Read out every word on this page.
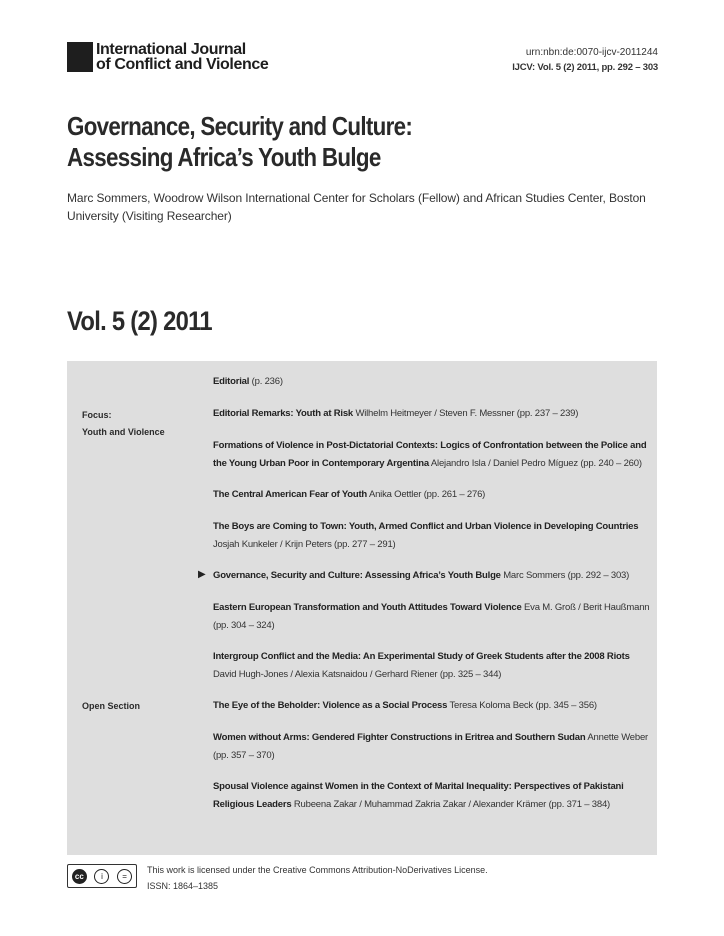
International Journal
of Conflict and Violence
urn:nbn:de:0070-ijcv-2011244
IJCV: Vol. 5 (2) 2011, pp. 292 – 303
Governance, Security and Culture:
Assessing Africa’s Youth Bulge
Marc Sommers, Woodrow Wilson International Center for Scholars (Fellow) and African Studies Center, Boston University (Visiting Researcher)
Vol. 5 (2) 2011
Focus:
Youth and Violence
Open Section
Editorial (p. 236)
Editorial Remarks: Youth at Risk Wilhelm Heitmeyer / Steven F. Messner (pp. 237 – 239)
Formations of Violence in Post-Dictatorial Contexts: Logics of Confrontation between the Police and the Young Urban Poor in Contemporary Argentina Alejandro Isla / Daniel Pedro Míguez (pp. 240 – 260)
The Central American Fear of Youth Anika Oettler (pp. 261 – 276)
The Boys are Coming to Town: Youth, Armed Conflict and Urban Violence in Developing Countries Josjah Kunkeler / Krijn Peters (pp. 277 – 291)
▶ Governance, Security and Culture: Assessing Africa’s Youth Bulge Marc Sommers (pp. 292 – 303)
Eastern European Transformation and Youth Attitudes Toward Violence Eva M. Groß / Berit Haußmann (pp. 304 – 324)
Intergroup Conflict and the Media: An Experimental Study of Greek Students after the 2008 Riots David Hugh-Jones / Alexia Katsnaidou / Gerhard Riener (pp. 325 – 344)
The Eye of the Beholder: Violence as a Social Process Teresa Koloma Beck (pp. 345 – 356)
Women without Arms: Gendered Fighter Constructions in Eritrea and Southern Sudan Annette Weber (pp. 357 – 370)
Spousal Violence against Women in the Context of Marital Inequality: Perspectives of Pakistani Religious Leaders Rubeena Zakar / Muhammad Zakria Zakar / Alexander Krämer (pp. 371 – 384)
cc	i	=
This work is licensed under the Creative Commons Attribution-NoDerivatives License.
ISSN: 1864–1385
